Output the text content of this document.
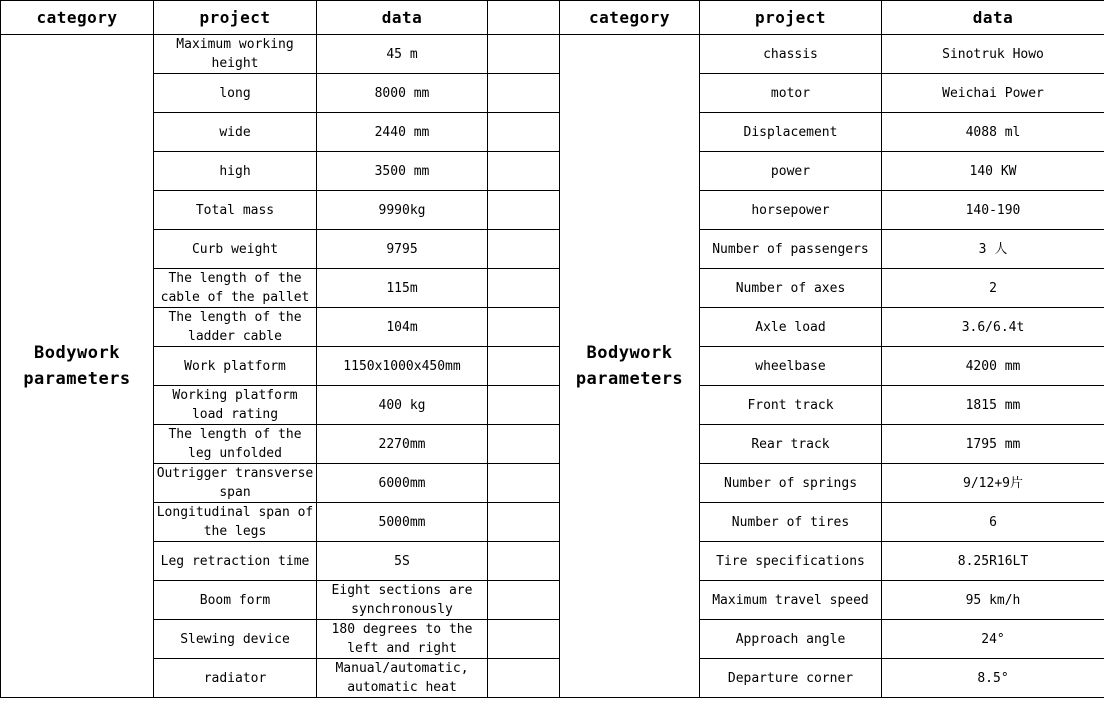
category	project	data		category	project	data
Bodywork parameters	Maximum working height	45 m		Bodywork parameters	chassis	Sinotruk Howo
	long	8000 mm			motor	Weichai Power
	wide	2440 mm			Displacement	4088 ml
	high	3500 mm			power	140 KW
	Total mass	9990kg			horsepower	140-190
	Curb weight	9795			Number of passengers	3 人
	The length of the cable of the pallet	115m			Number of axes	2
	The length of the ladder cable	104m			Axle load	3.6/6.4t
	Work platform	1150x1000x450mm			wheelbase	4200 mm
	Working platform load rating	400 kg			Front track	1815 mm
	The length of the leg unfolded	2270mm			Rear track	1795 mm
	Outrigger transverse span	6000mm			Number of springs	9/12+9片
	Longitudinal span of the legs	5000mm			Number of tires	6
	Leg retraction time	5S			Tire specifications	8.25R16LT
	Boom form	Eight sections are synchronously			Maximum travel speed	95 km/h
	Slewing device	180 degrees to the left and right			Approach angle	24°
	radiator	Manual/automatic, automatic heat			Departure corner	8.5°
